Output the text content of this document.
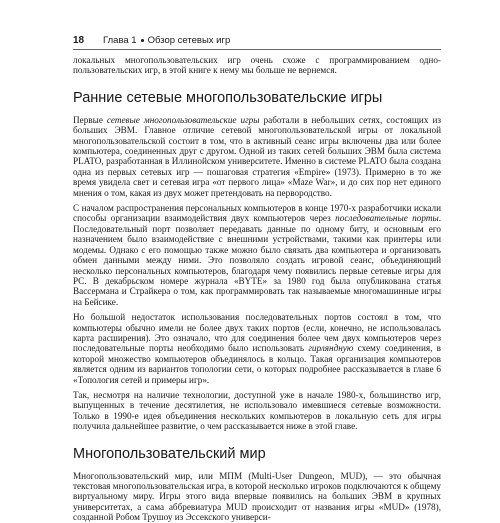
18	Глава 1 Обзор сетевых игр

локальных многопользовательских игр очень схоже с программированием одно-пользовательских игр, в этой книге к нему мы больше не вернемся.

Ранние сетевые многопользовательские игры

Первые сетевые многопользовательские игры работали в небольших сетях, состоящих из больших ЭВМ. Главное отличие сетевой многопользовательской игры от локальной многопользовательской состоит в том, что в активный сеанс игры включены два или более компьютера, соединенных друг с другом. Одной из таких сетей больших ЭВМ была система PLATO, разработанная в Иллинойском университете. Именно в системе PLATO была создана одна из первых сетевых игр — пошаговая стратегия «Empire» (1973). Примерно в то же время увидела свет и сетевая игра «от первого лица» «Maze War», и до сих пор нет единого мнения о том, какая из двух может претендовать на первородство.

С началом распространения персональных компьютеров в конце 1970-х разработчики искали способы организации взаимодействия двух компьютеров через последовательные порты. Последовательный порт позволяет передавать данные по одному биту, и основным его назначением было взаимодействие с внешними устройствами, такими как принтеры или модемы. Однако с его помощью также можно было связать два компьютера и организовать обмен данными между ними. Это позволяло создать игровой сеанс, объединяющий несколько персональных компьютеров, благодаря чему появились первые сетевые игры для PC. В декабрьском номере журнала «BYTE» за 1980 год была опубликована статья Вассермана и Страйкера о том, как программировать так называемые многомашинные игры на Бейсике.

Но большой недостаток использования последовательных портов состоял в том, что компьютеры обычно имели не более двух таких портов (если, конечно, не использовалась карта расширения). Это означало, что для соединения более чем двух компьютеров через последовательные порты необходимо было использовать гирляндную схему соединения, в которой множество компьютеров объединялось в кольцо. Такая организация компьютеров является одним из вариантов топологии сети, о которых подробнее рассказывается в главе 6 «Топология сетей и примеры игр».

Так, несмотря на наличие технологии, доступной уже в начале 1980-х, большинство игр, выпущенных в течение десятилетия, не использовало имевшиеся сетевые возможности. Только в 1990-е идея объединения нескольких компьютеров в локальную сеть для игры получила дальнейшее развитие, о чем рассказывается ниже в этой главе.

Многопользовательский мир

Многопользовательский мир, или МПМ (Multi-User Dungeon, MUD), — это обычная текстовая многопользовательская игра, в которой несколько игроков подключаются к общему виртуальному миру. Игры этого вида впервые появились на больших ЭВМ в крупных университетах, а сама аббревиатура MUD происходит от названия игры «MUD» (1978), созданной Робом Трушоу из Эссекского универси-
